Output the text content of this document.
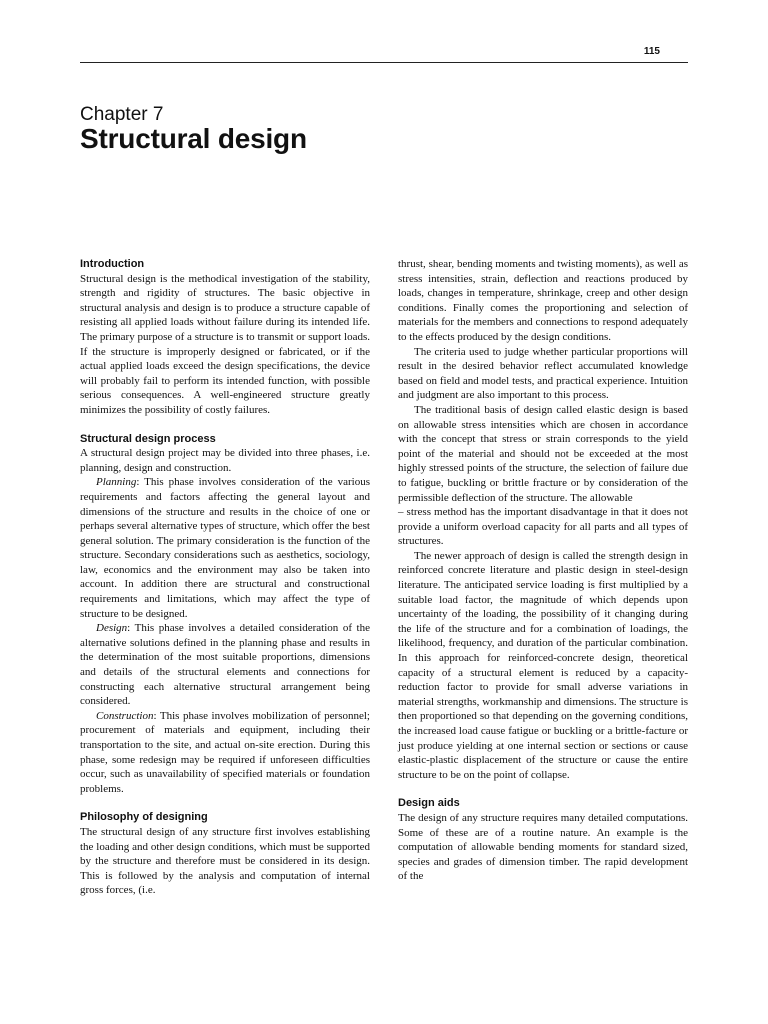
115
Chapter 7
Structural design
Introduction

Structural design is the methodical investigation of the stability, strength and rigidity of structures. The basic objective in structural analysis and design is to produce a structure capable of resisting all applied loads without failure during its intended life. The primary purpose of a structure is to transmit or support loads. If the structure is improperly designed or fabricated, or if the actual applied loads exceed the design specifications, the device will probably fail to perform its intended function, with possible serious consequences. A well-engineered structure greatly minimizes the possibility of costly failures.

Structural design process

A structural design project may be divided into three phases, i.e. planning, design and construction.

Planning: This phase involves consideration of the various requirements and factors affecting the general layout and dimensions of the structure and results in the choice of one or perhaps several alternative types of structure, which offer the best general solution. The primary consideration is the function of the structure. Secondary considerations such as aesthetics, sociology, law, economics and the environment may also be taken into account. In addition there are structural and constructional requirements and limitations, which may affect the type of structure to be designed.

Design: This phase involves a detailed consideration of the alternative solutions defined in the planning phase and results in the determination of the most suitable proportions, dimensions and details of the structural elements and connections for constructing each alternative structural arrangement being considered.

Construction: This phase involves mobilization of personnel; procurement of materials and equipment, including their transportation to the site, and actual on-site erection. During this phase, some redesign may be required if unforeseen difficulties occur, such as unavailability of specified materials or foundation problems.

Philosophy of designing

The structural design of any structure first involves establishing the loading and other design conditions, which must be supported by the structure and therefore must be considered in its design. This is followed by the analysis and computation of internal gross forces, (i.e.

thrust, shear, bending moments and twisting moments), as well as stress intensities, strain, deflection and reactions produced by loads, changes in temperature, shrinkage, creep and other design conditions. Finally comes the proportioning and selection of materials for the members and connections to respond adequately to the effects produced by the design conditions.

The criteria used to judge whether particular proportions will result in the desired behavior reflect accumulated knowledge based on field and model tests, and practical experience. Intuition and judgment are also important to this process.

The traditional basis of design called elastic design is based on allowable stress intensities which are chosen in accordance with the concept that stress or strain corresponds to the yield point of the material and should not be exceeded at the most highly stressed points of the structure, the selection of failure due to fatigue, buckling or brittle fracture or by consideration of the permissible deflection of the structure. The allowable

– stress method has the important disadvantage in that it does not provide a uniform overload capacity for all parts and all types of structures.

The newer approach of design is called the strength design in reinforced concrete literature and plastic design in steel-design literature. The anticipated service loading is first multiplied by a suitable load factor, the magnitude of which depends upon uncertainty of the loading, the possibility of it changing during the life of the structure and for a combination of loadings, the likelihood, frequency, and duration of the particular combination. In this approach for reinforced-concrete design, theoretical capacity of a structural element is reduced by a capacity-reduction factor to provide for small adverse variations in material strengths, workmanship and dimensions. The structure is then proportioned so that depending on the governing conditions, the increased load cause fatigue or buckling or a brittle-facture or just produce yielding at one internal section or sections or cause elastic-plastic displacement of the structure or cause the entire structure to be on the point of collapse.

Design aids

The design of any structure requires many detailed computations. Some of these are of a routine nature. An example is the computation of allowable bending moments for standard sized, species and grades of dimension timber. The rapid development of the
